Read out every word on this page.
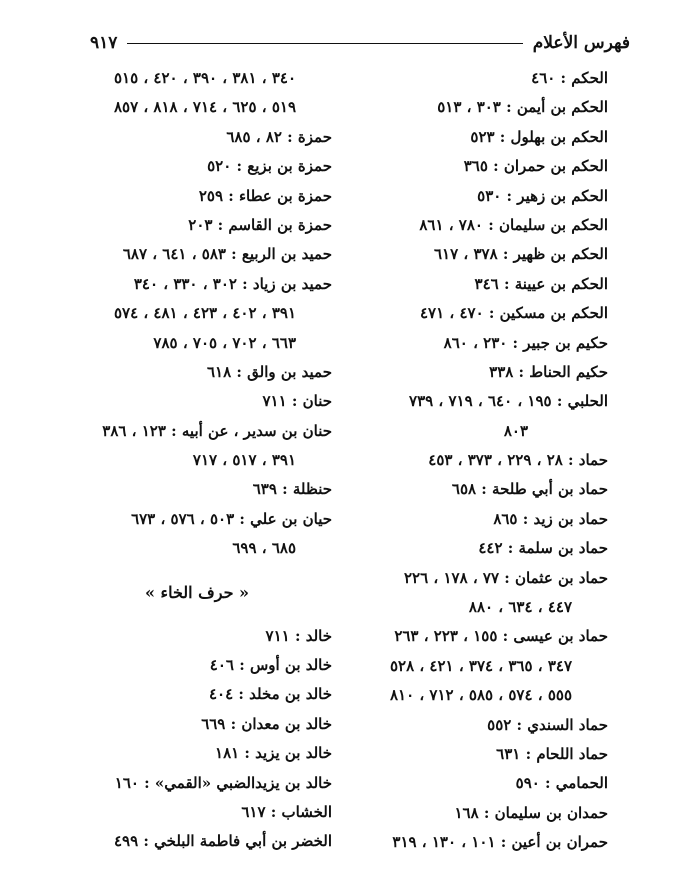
فهرس الأعلام
٩١٧
الحكم : ٤٦٠
الحكم بن أيمن : ٣٠٣ ، ٥١٣
الحكم بن بهلول : ٥٢٣
الحكم بن حمران : ٣٦٥
الحكم بن زهير : ٥٣٠
الحكم بن سليمان : ٧٨٠ ، ٨٦١
الحكم بن ظهير : ٣٧٨ ، ٦١٧
الحكم بن عيينة : ٣٤٦
الحكم بن مسكين : ٤٧٠ ، ٤٧١
حكيم بن جبير : ٢٣٠ ، ٨٦٠
حكيم الحناط : ٣٣٨
الحلبي : ١٩٥ ، ٦٤٠ ، ٧١٩ ، ٧٣٩
٨٠٣
حماد : ٢٨ ، ٢٢٩ ، ٣٧٣ ، ٤٥٣
حماد بن أبي طلحة : ٦٥٨
حماد بن زيد : ٨٦٥
حماد بن سلمة : ٤٤٢
حماد بن عثمان : ٧٧ ، ١٧٨ ، ٢٢٦
٤٤٧ ، ٦٣٤ ، ٨٨٠
حماد بن عيسى : ١٥٥ ، ٢٢٣ ، ٢٦٣
٣٤٧ ، ٣٦٥ ، ٣٧٤ ، ٤٢١ ، ٥٢٨
٥٥٥ ، ٥٧٤ ، ٥٨٥ ، ٧١٢ ، ٨١٠
حماد السندي : ٥٥٢
حماد اللحام : ٦٣١
الحمامي : ٥٩٠
حمدان بن سليمان : ١٦٨
حمران بن أعين : ١٠١ ، ١٣٠ ، ٣١٩
٣٤٠ ، ٣٨١ ، ٣٩٠ ، ٤٢٠ ، ٥١٥
٥١٩ ، ٦٢٥ ، ٧١٤ ، ٨١٨ ، ٨٥٧
حمزة : ٨٢ ، ٦٨٥
حمزة بن بزيع : ٥٢٠
حمزة بن عطاء : ٢٥٩
حمزة بن القاسم : ٢٠٣
حميد بن الربيع : ٥٨٣ ، ٦٤١ ، ٦٨٧
حميد بن زياد : ٣٠٢ ، ٣٣٠ ، ٣٤٠
٣٩١ ، ٤٠٢ ، ٤٢٣ ، ٤٨١ ، ٥٧٤
٦٦٣ ، ٧٠٢ ، ٧٠٥ ، ٧٨٥
حميد بن والق : ٦١٨
حنان : ٧١١
حنان بن سدير ، عن أبيه : ١٢٣ ، ٣٨٦
٣٩١ ، ٥١٧ ، ٧١٧
حنظلة : ٦٣٩
حيان بن علي : ٥٠٣ ، ٥٧٦ ، ٦٧٣
٦٨٥ ، ٦٩٩
« حرف الخاء »
خالد : ٧١١
خالد بن أوس : ٤٠٦
خالد بن مخلد : ٤٠٤
خالد بن معدان : ٦٦٩
خالد بن يزيد : ١٨١
خالد بن يزيدالضبي «القمي» : ١٦٠
الخشاب : ٦١٧
الخضر بن أبي فاطمة البلخي : ٤٩٩
